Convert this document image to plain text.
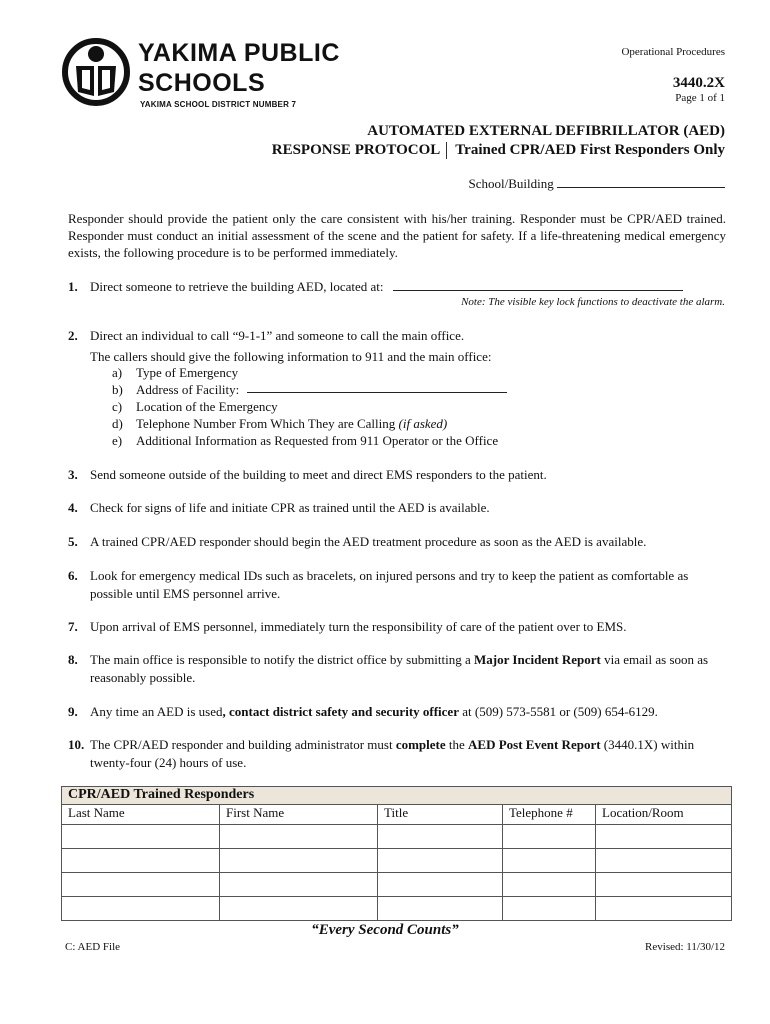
YAKIMA PUBLIC
SCHOOLS
YAKIMA SCHOOL DISTRICT NUMBER 7
Operational Procedures
3440.2X
Page 1 of 1
AUTOMATED EXTERNAL DEFIBRILLATOR (AED)
RESPONSE PROTOCOL Trained CPR/AED First Responders Only
School/Building
Responder should provide the patient only the care consistent with his/her training. Responder must be CPR/AED trained. Responder must conduct an initial assessment of the scene and the patient for safety. If a life-threatening medical emergency exists, the following procedure is to be performed immediately.
1. Direct someone to retrieve the building AED, located at:
Note: The visible key lock functions to deactivate the alarm.
2. Direct an individual to call “9-1-1” and someone to call the main office.
The callers should give the following information to 911 and the main office:
a)	Type of Emergency
b)	Address of Facility:
c)	Location of the Emergency
d)	Telephone Number From Which They are Calling (if asked)
e)	Additional Information as Requested from 911 Operator or the Office
3. Send someone outside of the building to meet and direct EMS responders to the patient.
4. Check for signs of life and initiate CPR as trained until the AED is available.
5. A trained CPR/AED responder should begin the AED treatment procedure as soon as the AED is available.
6. Look for emergency medical IDs such as bracelets, on injured persons and try to keep the patient as comfortable as possible until EMS personnel arrive.
7. Upon arrival of EMS personnel, immediately turn the responsibility of care of the patient over to EMS.
8. The main office is responsible to notify the district office by submitting a Major Incident Report via email as soon as reasonably possible.
9. Any time an AED is used, contact district safety and security officer at (509) 573-5581 or (509) 654-6129.
10. The CPR/AED responder and building administrator must complete the AED Post Event Report (3440.1X) within twenty-four (24) hours of use.
CPR/AED Trained Responders				
Last Name	First Name	Title	Telephone #	Location/Room

“Every Second Counts”
C: AED File	Revised: 11/30/12
